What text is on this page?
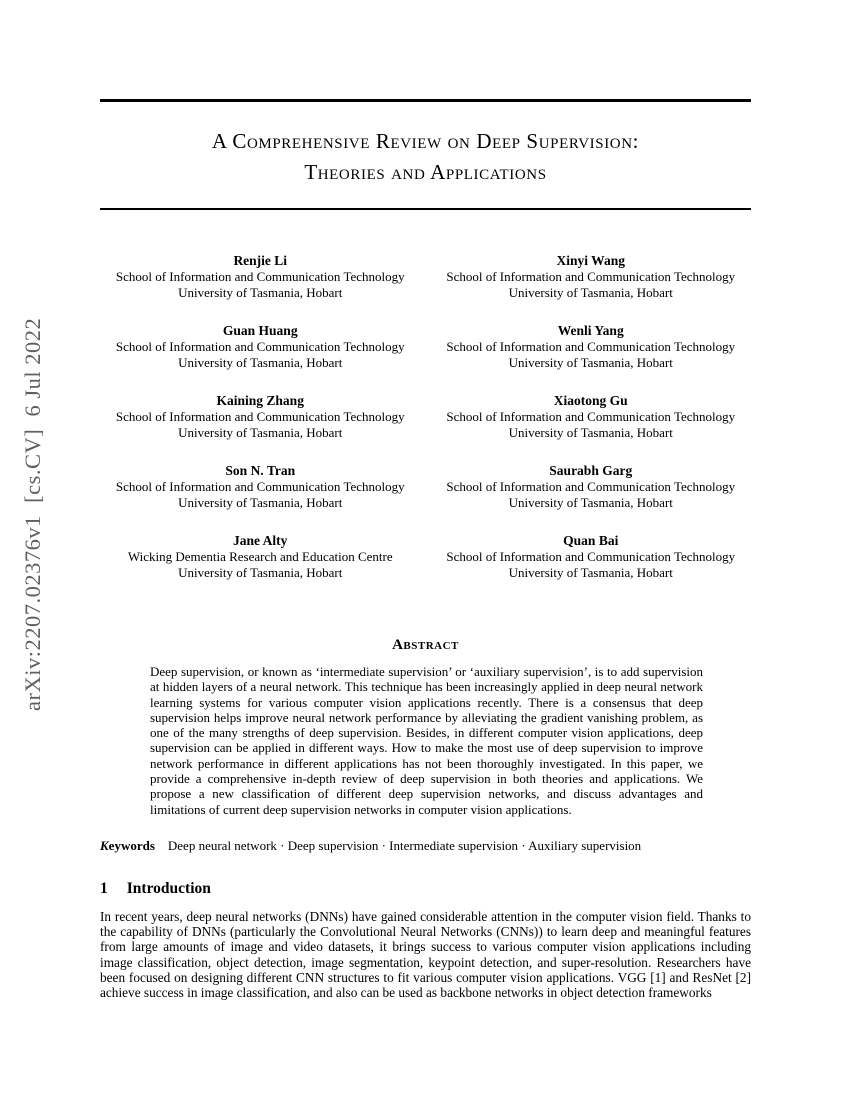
arXiv:2207.02376v1  [cs.CV]  6 Jul 2022
A Comprehensive Review on Deep Supervision:
Theories and Applications
Renjie Li
School of Information and Communication Technology
University of Tasmania, Hobart
Xinyi Wang
School of Information and Communication Technology
University of Tasmania, Hobart
Guan Huang
School of Information and Communication Technology
University of Tasmania, Hobart
Wenli Yang
School of Information and Communication Technology
University of Tasmania, Hobart
Kaining Zhang
School of Information and Communication Technology
University of Tasmania, Hobart
Xiaotong Gu
School of Information and Communication Technology
University of Tasmania, Hobart
Son N. Tran
School of Information and Communication Technology
University of Tasmania, Hobart
Saurabh Garg
School of Information and Communication Technology
University of Tasmania, Hobart
Jane Alty
Wicking Dementia Research and Education Centre
University of Tasmania, Hobart
Quan Bai
School of Information and Communication Technology
University of Tasmania, Hobart
Abstract

Deep supervision, or known as ‘intermediate supervision’ or ‘auxiliary supervision’, is to add supervision at hidden layers of a neural network. This technique has been increasingly applied in deep neural network learning systems for various computer vision applications recently. There is a consensus that deep supervision helps improve neural network performance by alleviating the gradient vanishing problem, as one of the many strengths of deep supervision. Besides, in different computer vision applications, deep supervision can be applied in different ways. How to make the most use of deep supervision to improve network performance in different applications has not been thoroughly investigated. In this paper, we provide a comprehensive in-depth review of deep supervision in both theories and applications. We propose a new classification of different deep supervision networks, and discuss advantages and limitations of current deep supervision networks in computer vision applications.

Keywords Deep neural network · Deep supervision · Intermediate supervision · Auxiliary supervision

1 Introduction

In recent years, deep neural networks (DNNs) have gained considerable attention in the computer vision field. Thanks to the capability of DNNs (particularly the Convolutional Neural Networks (CNNs)) to learn deep and meaningful features from large amounts of image and video datasets, it brings success to various computer vision applications including image classification, object detection, image segmentation, keypoint detection, and super-resolution. Researchers have been focused on designing different CNN structures to fit various computer vision applications. VGG [1] and ResNet [2] achieve success in image classification, and also can be used as backbone networks in object detection frameworks
